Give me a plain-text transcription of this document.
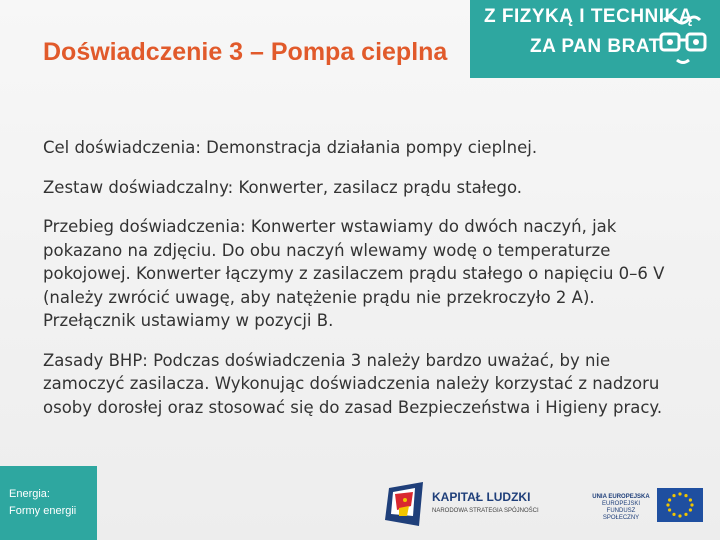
Doświadczenie 3 – Pompa cieplna
Z FIZYKĄ I TECHNIKĄ
ZA PAN BRAT

Cel doświadczenia: Demonstracja działania pompy cieplnej.

Zestaw doświadczalny: Konwerter, zasilacz prądu stałego.

Przebieg doświadczenia: Konwerter wstawiamy do dwóch naczyń, jak pokazano na zdjęciu. Do obu naczyń wlewamy wodę o temperaturze pokojowej. Konwerter łączymy z zasilaczem prądu stałego o napięciu 0–6 V (należy zwrócić uwagę, aby natężenie prądu nie przekroczyło 2 A). Przełącznik ustawiamy w pozycji B.

Zasady BHP: Podczas doświadczenia 3 należy bardzo uważać, by nie zamoczyć zasilacza. Wykonując doświadczenia należy korzystać z nadzoru osoby dorosłej oraz stosować się do zasad Bezpieczeństwa i Higieny pracy.

Energia:
Formy energii
KAPITAŁ LUDZKI
NARODOWA STRATEGIA SPÓJNOŚCI
UNIA EUROPEJSKA
EUROPEJSKI
FUNDUSZ SPOŁECZNY
